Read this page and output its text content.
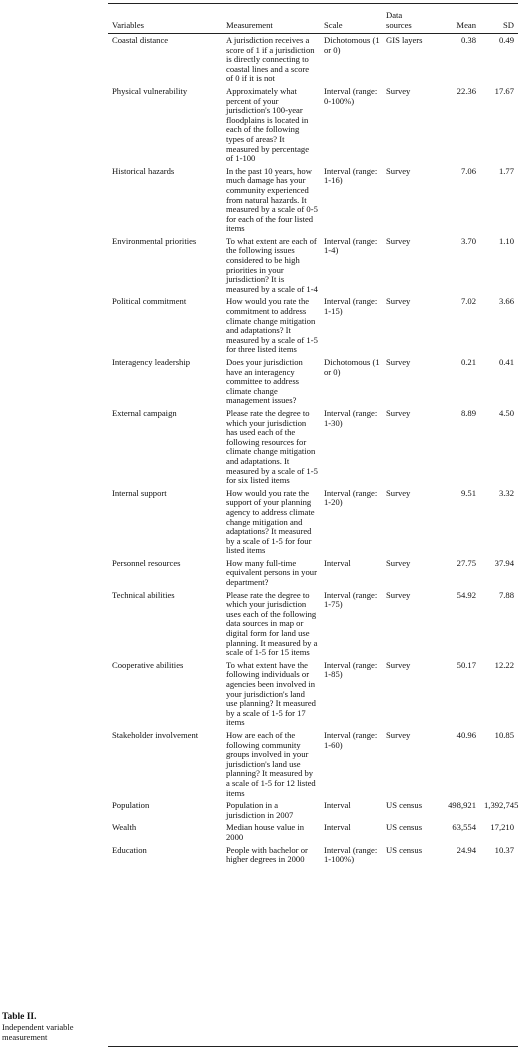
Variables	Measurement	Scale	Data sources	Mean	SD
Coastal distance	A jurisdiction receives a score of 1 if a jurisdiction is directly connecting to coastal lines and a score of 0 if it is not	Dichotomous (1 or 0)	GIS layers	0.38	0.49
Physical vulnerability	Approximately what percent of your jurisdiction's 100-year floodplains is located in each of the following types of areas? It measured by percentage of 1-100	Interval (range: 0-100%)	Survey	22.36	17.67
Historical hazards	In the past 10 years, how much damage has your community experienced from natural hazards. It measured by a scale of 0-5 for each of the four listed items	Interval (range: 1-16)	Survey	7.06	1.77
Environmental priorities	To what extent are each of the following issues considered to be high priorities in your jurisdiction? It is measured by a scale of 1-4	Interval (range: 1-4)	Survey	3.70	1.10
Political commitment	How would you rate the commitment to address climate change mitigation and adaptations? It measured by a scale of 1-5 for three listed items	Interval (range: 1-15)	Survey	7.02	3.66
Interagency leadership	Does your jurisdiction have an interagency committee to address climate change management issues?	Dichotomous (1 or 0)	Survey	0.21	0.41
External campaign	Please rate the degree to which your jurisdiction has used each of the following resources for climate change mitigation and adaptations. It measured by a scale of 1-5 for six listed items	Interval (range: 1-30)	Survey	8.89	4.50
Internal support	How would you rate the support of your planning agency to address climate change mitigation and adaptations? It measured by a scale of 1-5 for four listed items	Interval (range: 1-20)	Survey	9.51	3.32
Personnel resources	How many full-time equivalent persons in your department?	Interval	Survey	27.75	37.94
Technical abilities	Please rate the degree to which your jurisdiction uses each of the following data sources in map or digital form for land use planning. It measured by a scale of 1-5 for 15 items	Interval (range: 1-75)	Survey	54.92	7.88
Cooperative abilities	To what extent have the following individuals or agencies been involved in your jurisdiction's land use planning? It measured by a scale of 1-5 for 17 items	Interval (range: 1-85)	Survey	50.17	12.22
Stakeholder involvement	How are each of the following community groups involved in your jurisdiction's land use planning? It measured by a scale of 1-5 for 12 listed items	Interval (range: 1-60)	Survey	40.96	10.85
Population	Population in a jurisdiction in 2007	Interval	US census	498,921	1,392,745
Wealth	Median house value in 2000	Interval	US census	63,554	17,210
Education	People with bachelor or higher degrees in 2000	Interval (range: 1-100%)	US census	24.94	10.37
Table II.
Independent variable measurement
